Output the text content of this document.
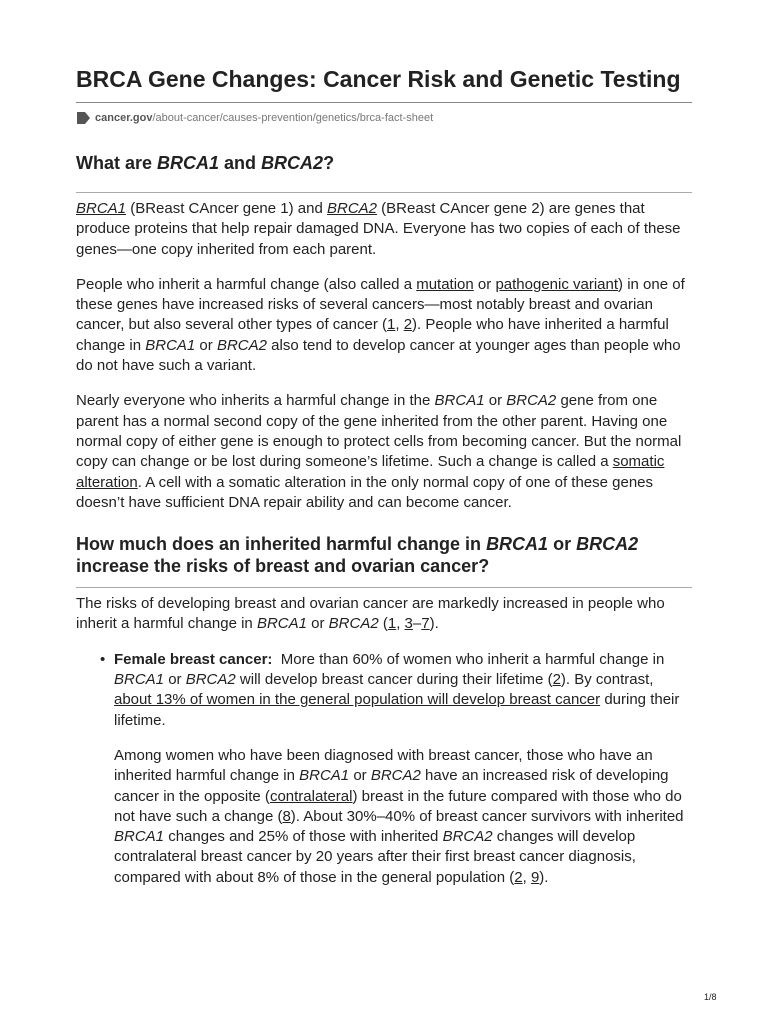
BRCA Gene Changes: Cancer Risk and Genetic Testing
cancer.gov /about-cancer/causes-prevention/genetics/brca-fact-sheet
What are BRCA1 and BRCA2?

BRCA1 (BReast CAncer gene 1) and BRCA2 (BReast CAncer gene 2) are genes that produce proteins that help repair damaged DNA. Everyone has two copies of each of these genes—one copy inherited from each parent.

People who inherit a harmful change (also called a mutation or pathogenic variant) in one of these genes have increased risks of several cancers—most notably breast and ovarian cancer, but also several other types of cancer (1, 2). People who have inherited a harmful change in BRCA1 or BRCA2 also tend to develop cancer at younger ages than people who do not have such a variant.

Nearly everyone who inherits a harmful change in the BRCA1 or BRCA2 gene from one parent has a normal second copy of the gene inherited from the other parent. Having one normal copy of either gene is enough to protect cells from becoming cancer. But the normal copy can change or be lost during someone’s lifetime. Such a change is called a somatic alteration. A cell with a somatic alteration in the only normal copy of one of these genes doesn’t have sufficient DNA repair ability and can become cancer.

How much does an inherited harmful change in BRCA1 or BRCA2 increase the risks of breast and ovarian cancer?

The risks of developing breast and ovarian cancer are markedly increased in people who inherit a harmful change in BRCA1 or BRCA2 (1, 3–7).

• Female breast cancer:  More than 60% of women who inherit a harmful change in BRCA1 or BRCA2 will develop breast cancer during their lifetime (2). By contrast, about 13% of women in the general population will develop breast cancer during their lifetime.

Among women who have been diagnosed with breast cancer, those who have an inherited harmful change in BRCA1 or BRCA2 have an increased risk of developing cancer in the opposite (contralateral) breast in the future compared with those who do not have such a change (8). About 30%–40% of breast cancer survivors with inherited BRCA1 changes and 25% of those with inherited BRCA2 changes will develop contralateral breast cancer by 20 years after their first breast cancer diagnosis, compared with about 8% of those in the general population (2, 9).

1/8
